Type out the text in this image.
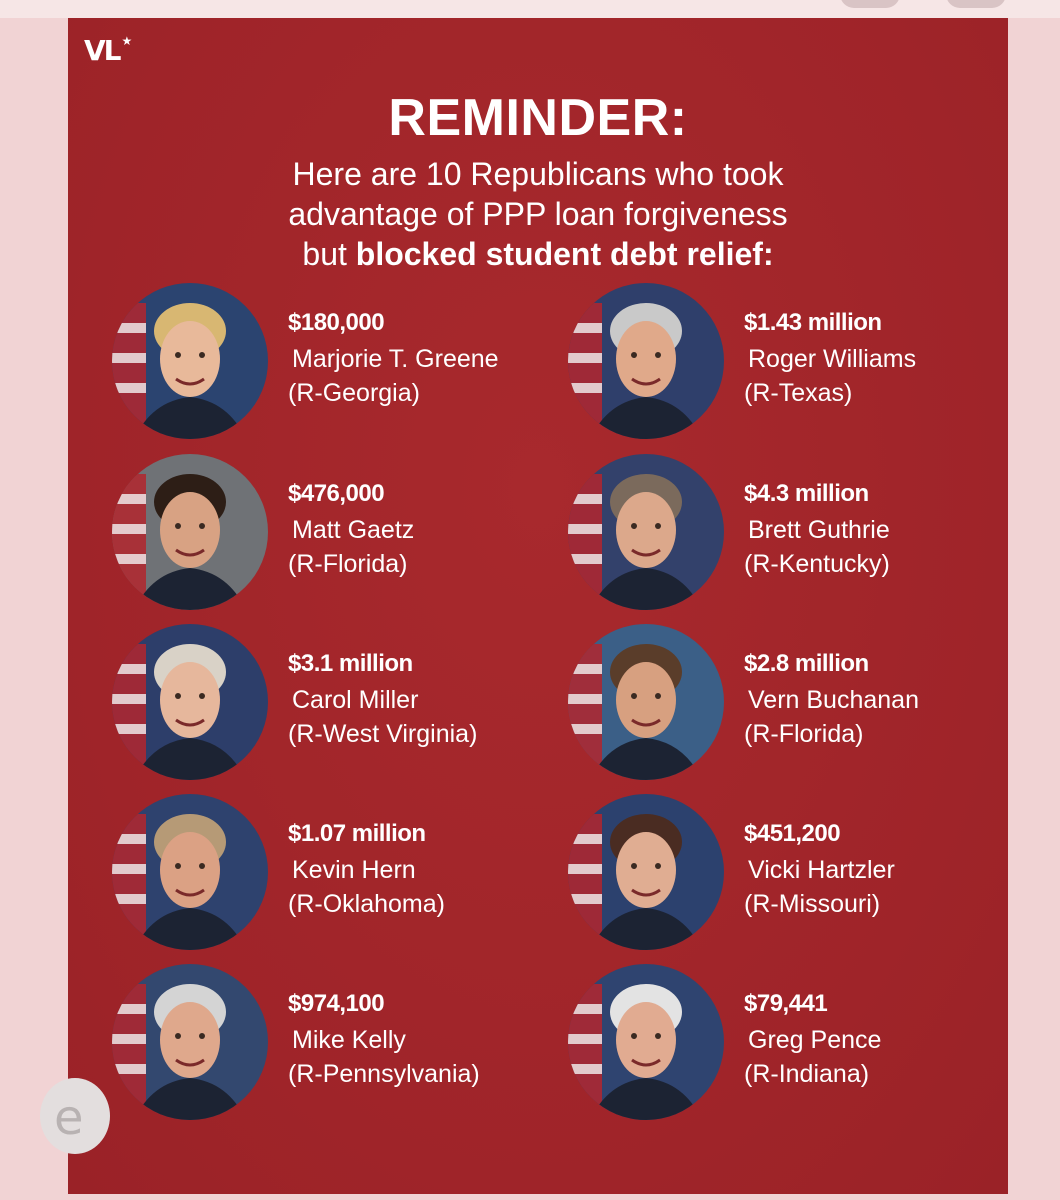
VL ★
REMINDER:
Here are 10 Republicans who took
advantage of PPP loan forgiveness
but blocked student debt relief:
$180,000
Marjorie T. Greene
(R-Georgia)
$1.43 million
Roger Williams
(R-Texas)
$476,000
Matt Gaetz
(R-Florida)
$4.3 million
Brett Guthrie
(R-Kentucky)
$3.1 million
Carol Miller
(R-West Virginia)
$2.8 million
Vern Buchanan
(R-Florida)
$1.07 million
Kevin Hern
(R-Oklahoma)
$451,200
Vicki Hartzler
(R-Missouri)
$974,100
Mike Kelly
(R-Pennsylvania)
$79,441
Greg Pence
(R-Indiana)
e
